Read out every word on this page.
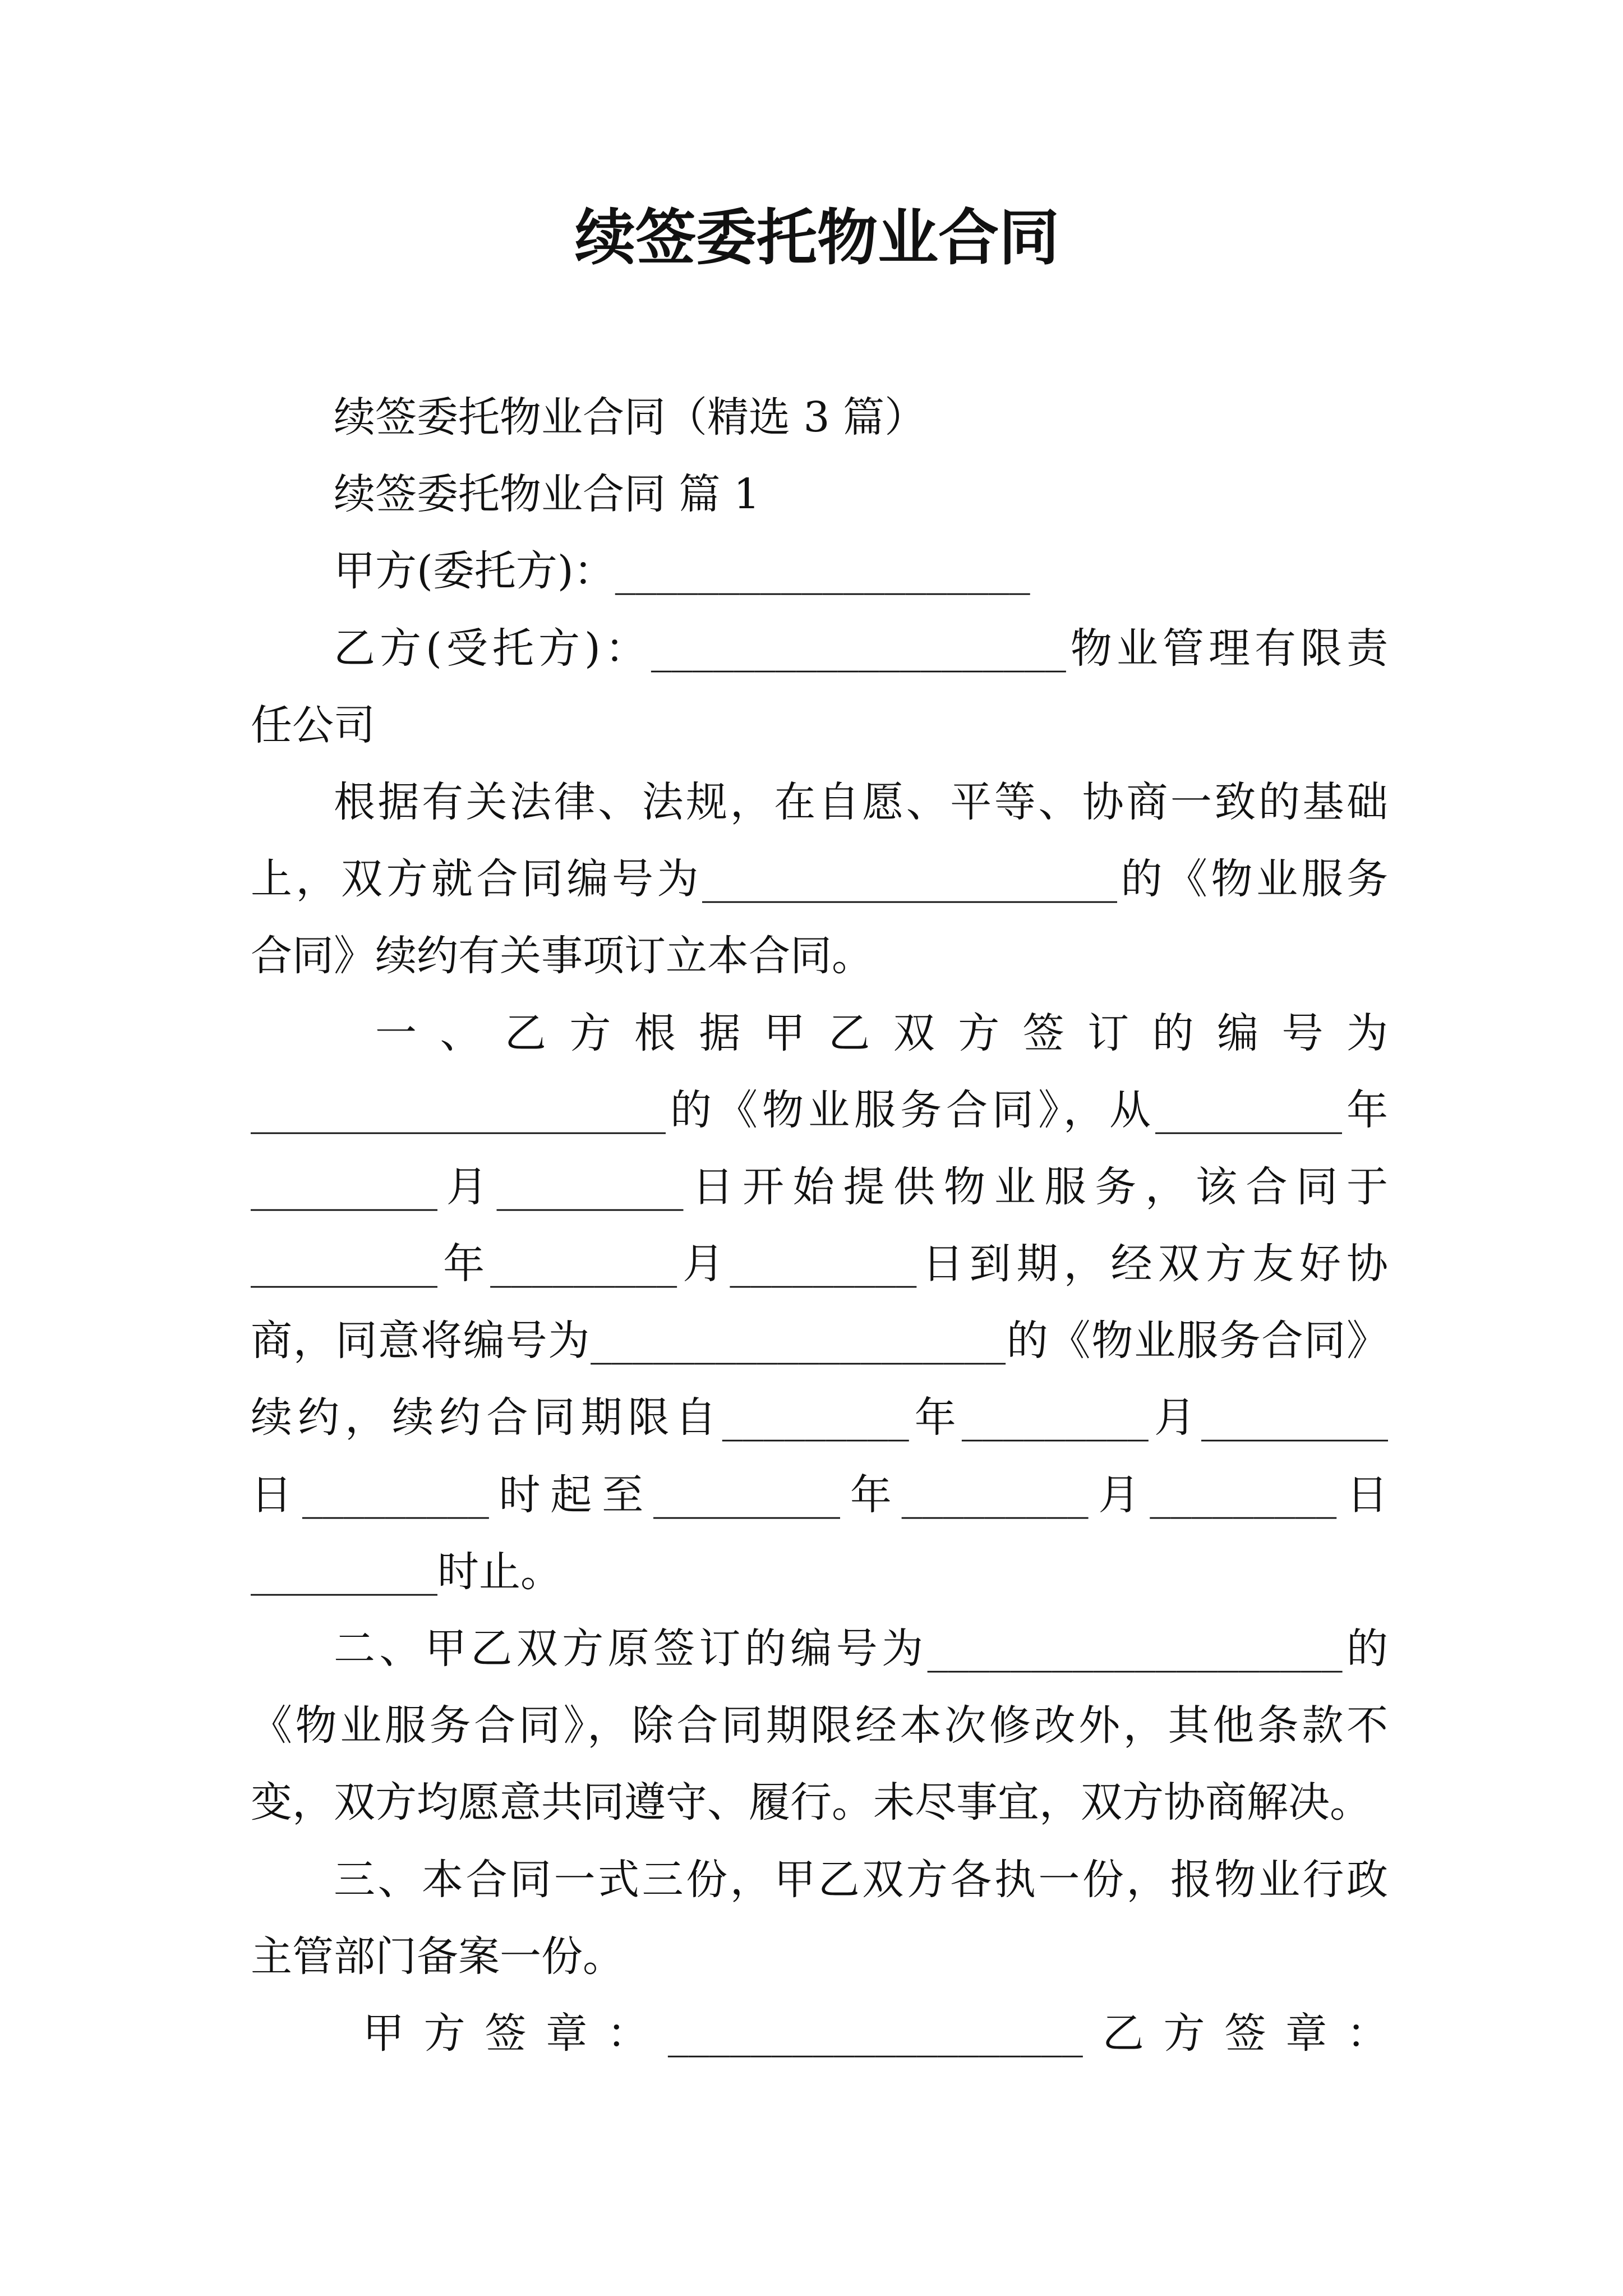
续签委托物业合同
续签委托物业合同（精选 3 篇）
续签委托物业合同 篇 1
甲方(委托方)：____________________
乙方(受托方)：____________________物业管理有限责
任公司
根据有关法律、法规，在自愿、平等、协商一致的基础
上，双方就合同编号为____________________的《物业服务
合同》续约有关事项订立本合同。
一、乙方根据甲乙双方签订的编号为
____________________的《物业服务合同》，从_________年
_________月_________日开始提供物业服务，该合同于
_________年_________月_________日到期，经双方友好协
商，同意将编号为____________________的《物业服务合同》
续约，续约合同期限自_________年_________月_________
日_________时起至_________年_________月_________日
_________时止。
二、甲乙双方原签订的编号为____________________的
《物业服务合同》，除合同期限经本次修改外，其他条款不
变，双方均愿意共同遵守、履行。未尽事宜，双方协商解决。
三、本合同一式三份，甲乙双方各执一份，报物业行政
主管部门备案一份。
甲方签章：____________________乙方签章：
